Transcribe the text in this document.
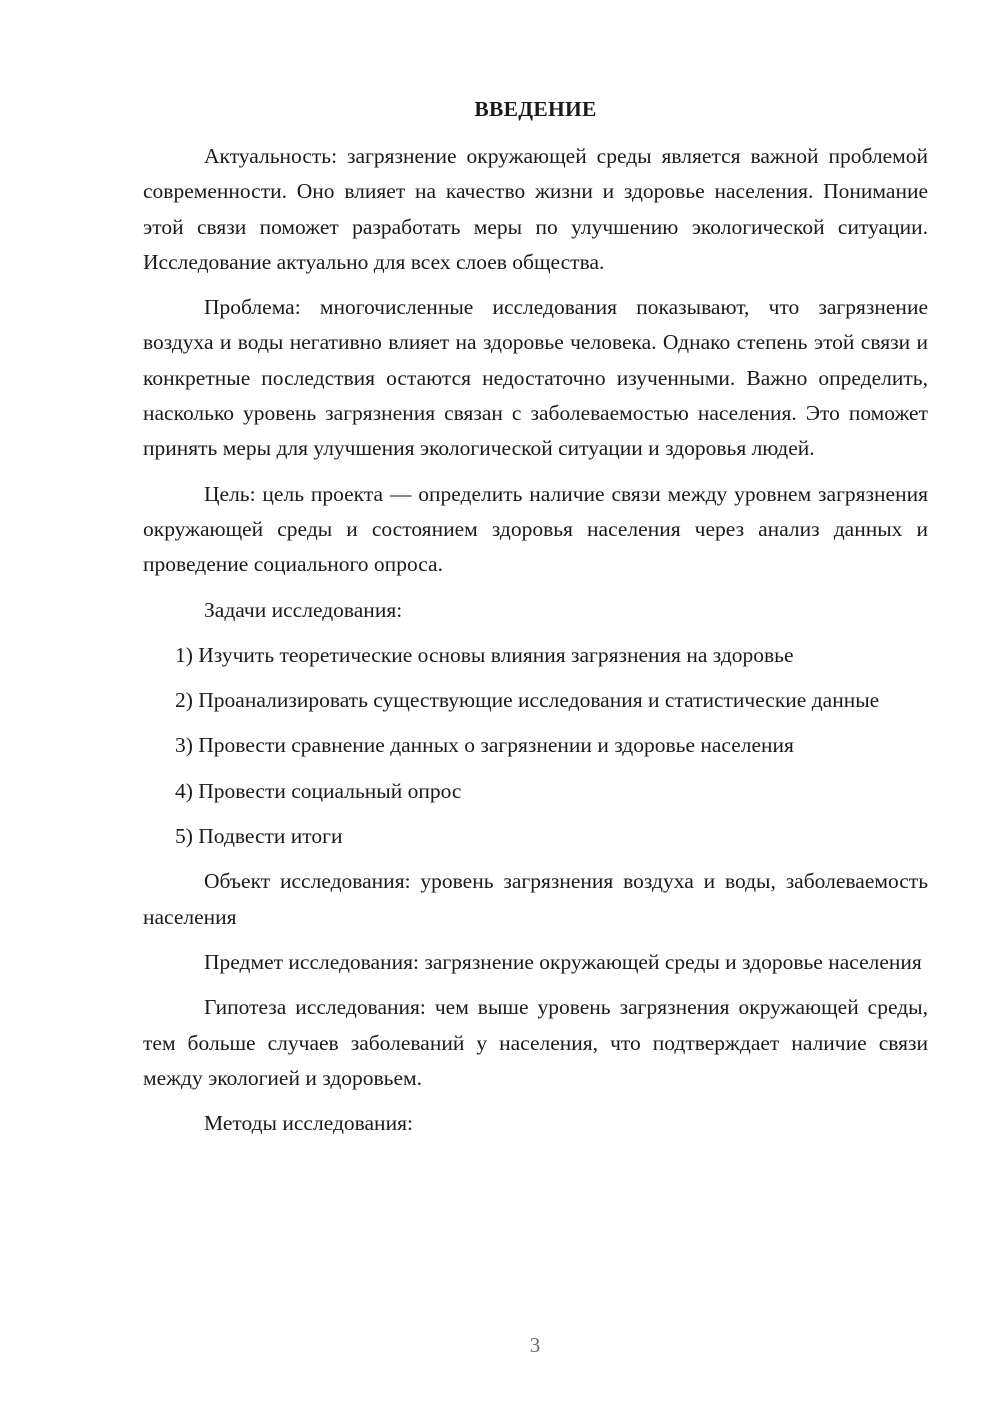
ВВЕДЕНИЕ

Актуальность: загрязнение окружающей среды является важной проблемой современности. Оно влияет на качество жизни и здоровье населения. Понимание этой связи поможет разработать меры по улучшению экологической ситуации. Исследование актуально для всех слоев общества.

Проблема: многочисленные исследования показывают, что загрязнение воздуха и воды негативно влияет на здоровье человека. Однако степень этой связи и конкретные последствия остаются недостаточно изученными. Важно определить, насколько уровень загрязнения связан с заболеваемостью населения. Это поможет принять меры для улучшения экологической ситуации и здоровья людей.

Цель: цель проекта — определить наличие связи между уровнем загрязнения окружающей среды и состоянием здоровья населения через анализ данных и проведение социального опроса.

Задачи исследования:

1) Изучить теоретические основы влияния загрязнения на здоровье

2) Проанализировать существующие исследования и статистические данные

3) Провести сравнение данных о загрязнении и здоровье населения

4) Провести социальный опрос

5) Подвести итоги

Объект исследования: уровень загрязнения воздуха и воды, заболеваемость населения

Предмет исследования: загрязнение окружающей среды и здоровье населения

Гипотеза исследования: чем выше уровень загрязнения окружающей среды, тем больше случаев заболеваний у населения, что подтверждает наличие связи между экологией и здоровьем.

Методы исследования:

3
